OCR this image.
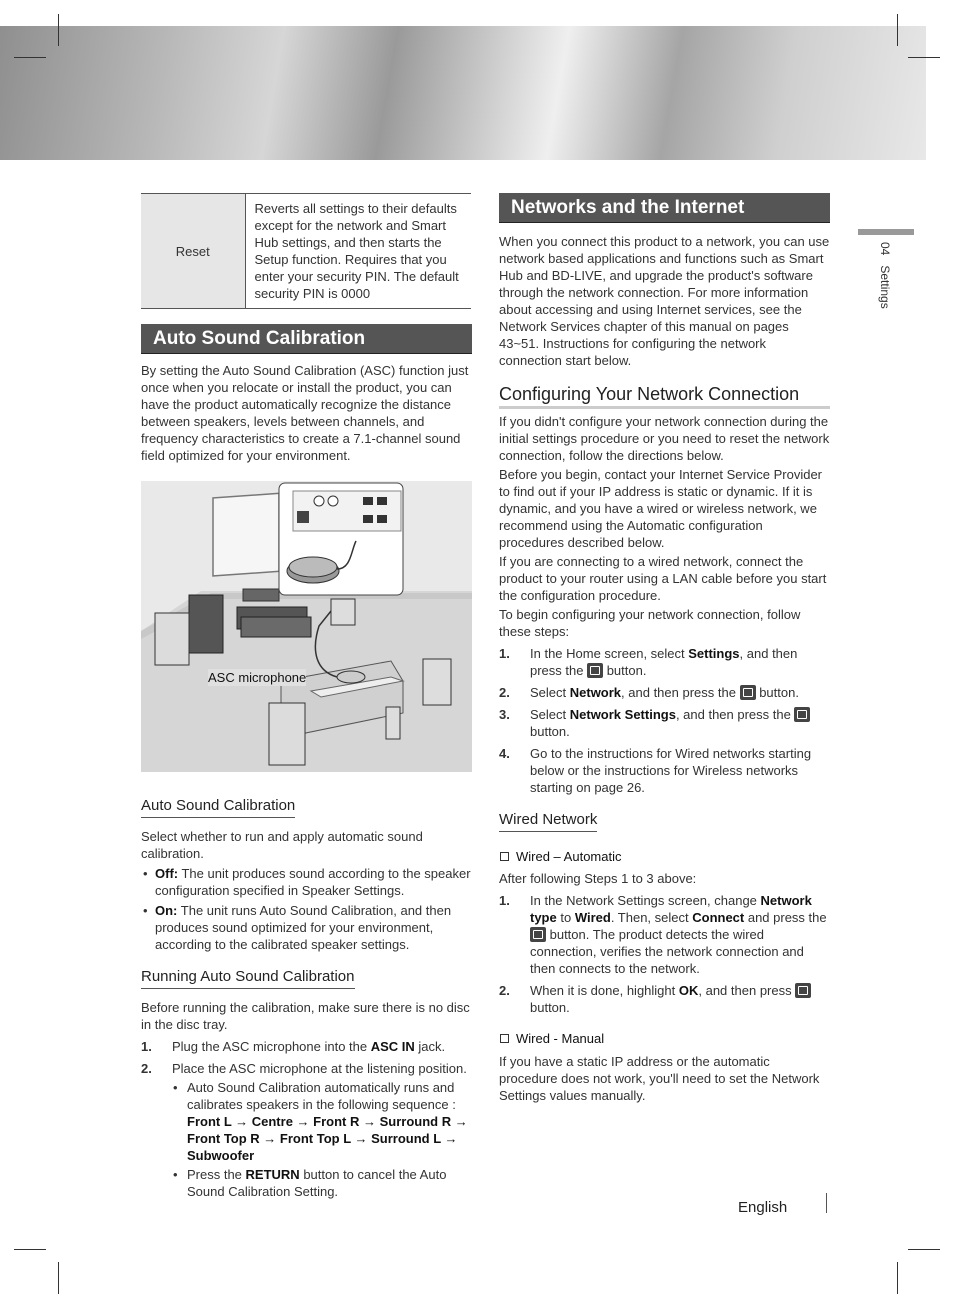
04   Settings
Reset	Reverts all settings to their defaults except for the network and Smart Hub settings, and then starts the Setup function. Requires that you enter your security PIN. The default security PIN is 0000
Auto Sound Calibration

By setting the Auto Sound Calibration (ASC) function just once when you relocate or install the product, you can have the product automatically recognize the distance between speakers, levels between channels, and frequency characteristics to create a 7.1-channel sound field optimized for your environment.

ASC microphone
Auto Sound Calibration

Select whether to run and apply automatic sound calibration.

• Off: The unit produces sound according to the speaker configuration specified in Speaker Settings.
• On: The unit runs Auto Sound Calibration, and then produces sound optimized for your environment, according to the calibrated speaker settings.
Running Auto Sound Calibration

Before running the calibration, make sure there is no disc in the disc tray.

1. Plug the ASC microphone into the ASC IN jack.
2. Place the ASC microphone at the listening position.
• Auto Sound Calibration automatically runs and calibrates speakers in the following sequence :
Front L → Centre → Front R → Surround R → Front Top R → Front Top L → Surround L → Subwoofer
• Press the RETURN button to cancel the Auto Sound Calibration Setting.
Networks and the Internet

When you connect this product to a network, you can use network based applications and functions such as Smart Hub and BD-LIVE, and upgrade the product's software through the network connection. For more information about accessing and using Internet services, see the Network Services chapter of this manual on pages 43~51. Instructions for configuring the network connection start below.

Configuring Your Network Connection

If you didn't configure your network connection during the initial settings procedure or you need to reset the network connection, follow the directions below.

Before you begin, contact your Internet Service Provider to find out if your IP address is static or dynamic. If it is dynamic, and you have a wired or wireless network, we recommend using the Automatic configuration procedures described below.

If you are connecting to a wired network, connect the product to your router using a LAN cable before you start the configuration procedure.

To begin configuring your network connection, follow these steps:

1. In the Home screen, select Settings, and then press the  button.
2. Select Network, and then press the  button.
3. Select Network Settings, and then press the  button.
4. Go to the instructions for Wired networks starting below or the instructions for Wireless networks starting on page 26.
Wired Network
Wired – Automatic

After following Steps 1 to 3 above:

1. In the Network Settings screen, change Network type to Wired. Then, select Connect and press the  button. The product detects the wired connection, verifies the network connection and then connects to the network.
2. When it is done, highlight OK, and then press  button.
Wired - Manual

If you have a static IP address or the automatic procedure does not work, you'll need to set the Network Settings values manually.

English
